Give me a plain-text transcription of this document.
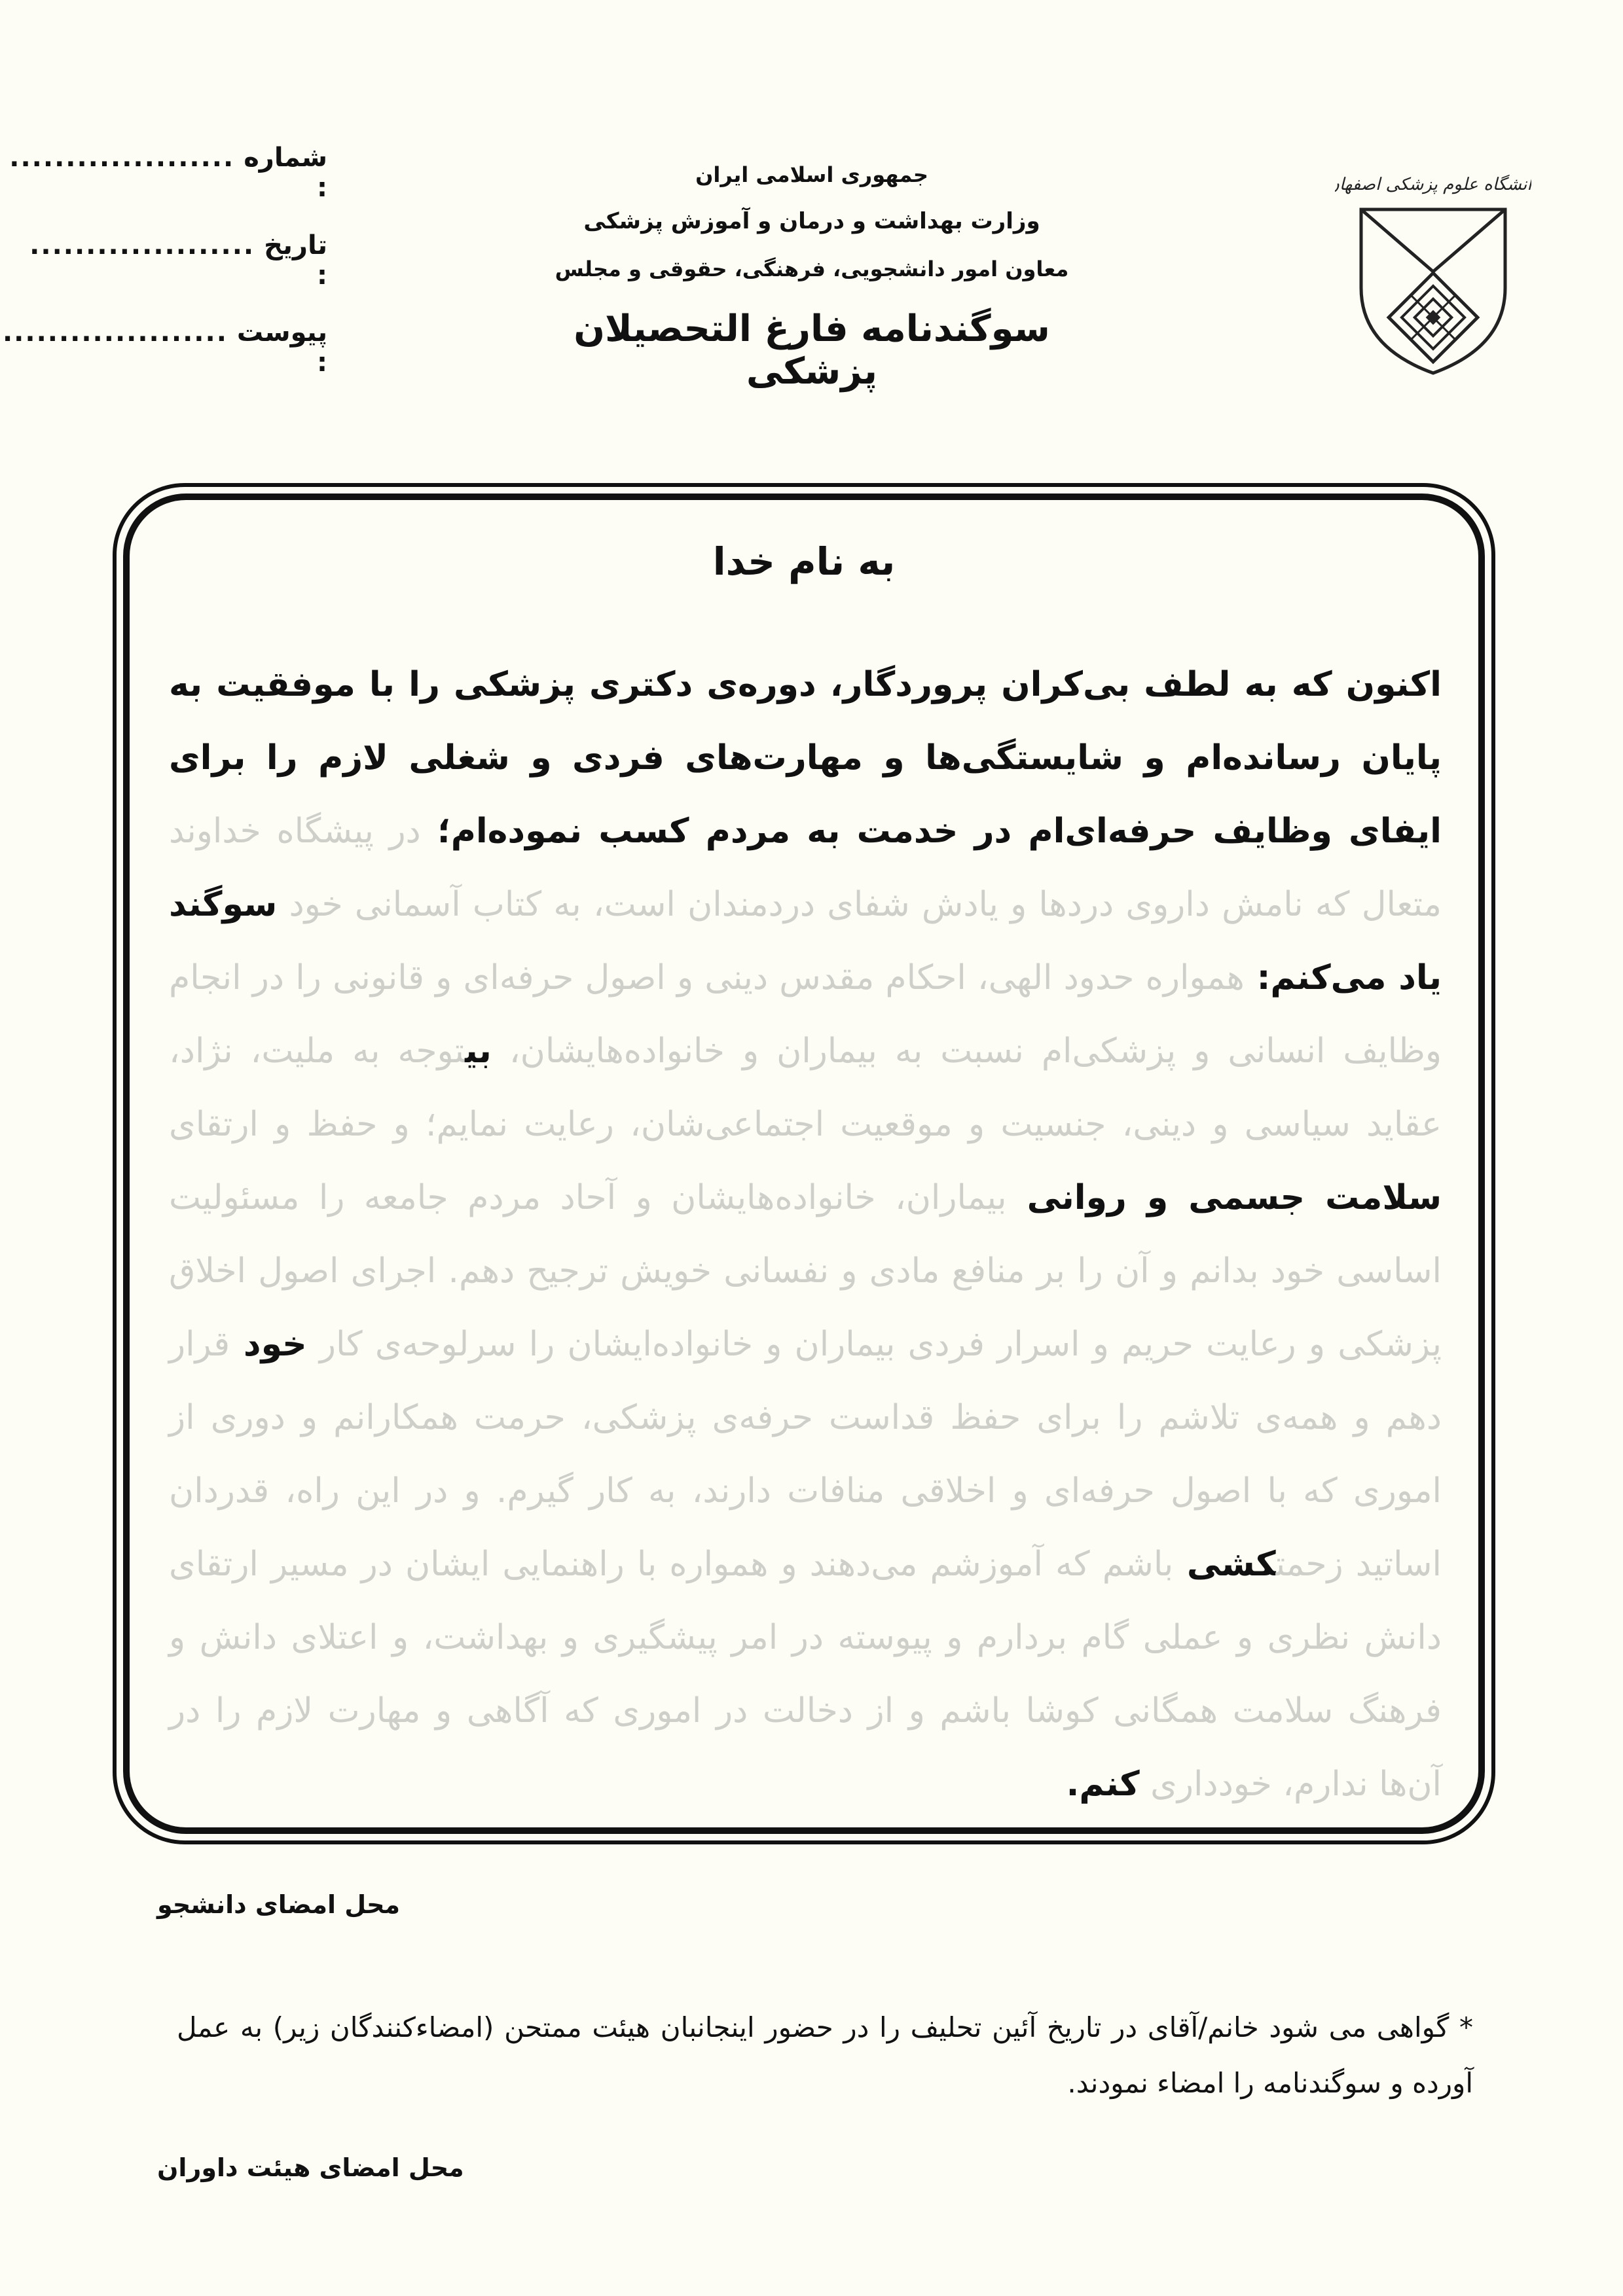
شماره :
....................
تاریخ :
....................
پیوست :
....................
دانشگاه علوم پزشکی اصفهان
جمهوری اسلامی ایران
وزارت بهداشت و درمان و آموزش پزشکی
معاون امور دانشجویی، فرهنگی، حقوقی و مجلس
سوگندنامه فارغ التحصیلان پزشکی
به نام خدا
اکنون که به لطف بی‌کران پروردگار، دوره‌ی دکتری پزشکی را با موفقیت به پایان رسانده‌ام و شایستگی‌ها و مهارت‌های فردی و شغلی لازم را برای ایفای وظایف حرفه‌ای‌ام در خدمت به مردم کسب نموده‌ام؛ در پیشگاه خداوند متعال که نامش داروی دردها و یادش شفای دردمندان است، به کتاب آسمانی خود سوگند یاد می‌کنم: همواره حدود الهی، احکام مقدس دینی و اصول حرفه‌ای و قانونی را در انجام وظایف انسانی و پزشکی‌ام نسبت به بیماران و خانواده‌هایشان، بیتوجه به ملیت، نژاد، عقاید سیاسی و دینی، جنسیت و موقعیت اجتماعی‌شان، رعایت نمایم؛ و حفظ و ارتقای سلامت جسمی و روانی بیماران، خانواده‌هایشان و آحاد مردم جامعه را مسئولیت اساسی خود بدانم و آن را بر منافع مادی و نفسانی خویش ترجیح دهم. اجرای اصول اخلاق پزشکی و رعایت حریم و اسرار فردی بیماران و خانواده‌ایشان را سرلوحه‌ی کار خود قرار دهم و همه‌ی تلاشم را برای حفظ قداست حرفه‌ی پزشکی، حرمت همکارانم و دوری از اموری که با اصول حرفه‌ای و اخلاقی منافات دارند، به کار گیرم. و در این راه، قدردان اساتید زحمتکشی باشم که آموزشم می‌دهند و همواره با راهنمایی ایشان در مسیر ارتقای دانش نظری و عملی گام بردارم و پیوسته در امر پیشگیری و بهداشت، و اعتلای دانش و فرهنگ سلامت همگانی کوشا باشم و از دخالت در اموری که آگاهی و مهارت لازم را در آن‌ها ندارم، خودداری کنم.
محل امضای دانشجو
* گواهی می شود خانم/آقای در تاریخ آئین تحلیف را در حضور اینجانبان هیئت ممتحن (امضاءکنندگان زیر) به عمل آورده و سوگندنامه را امضاء نمودند.
محل امضای هیئت داوران
